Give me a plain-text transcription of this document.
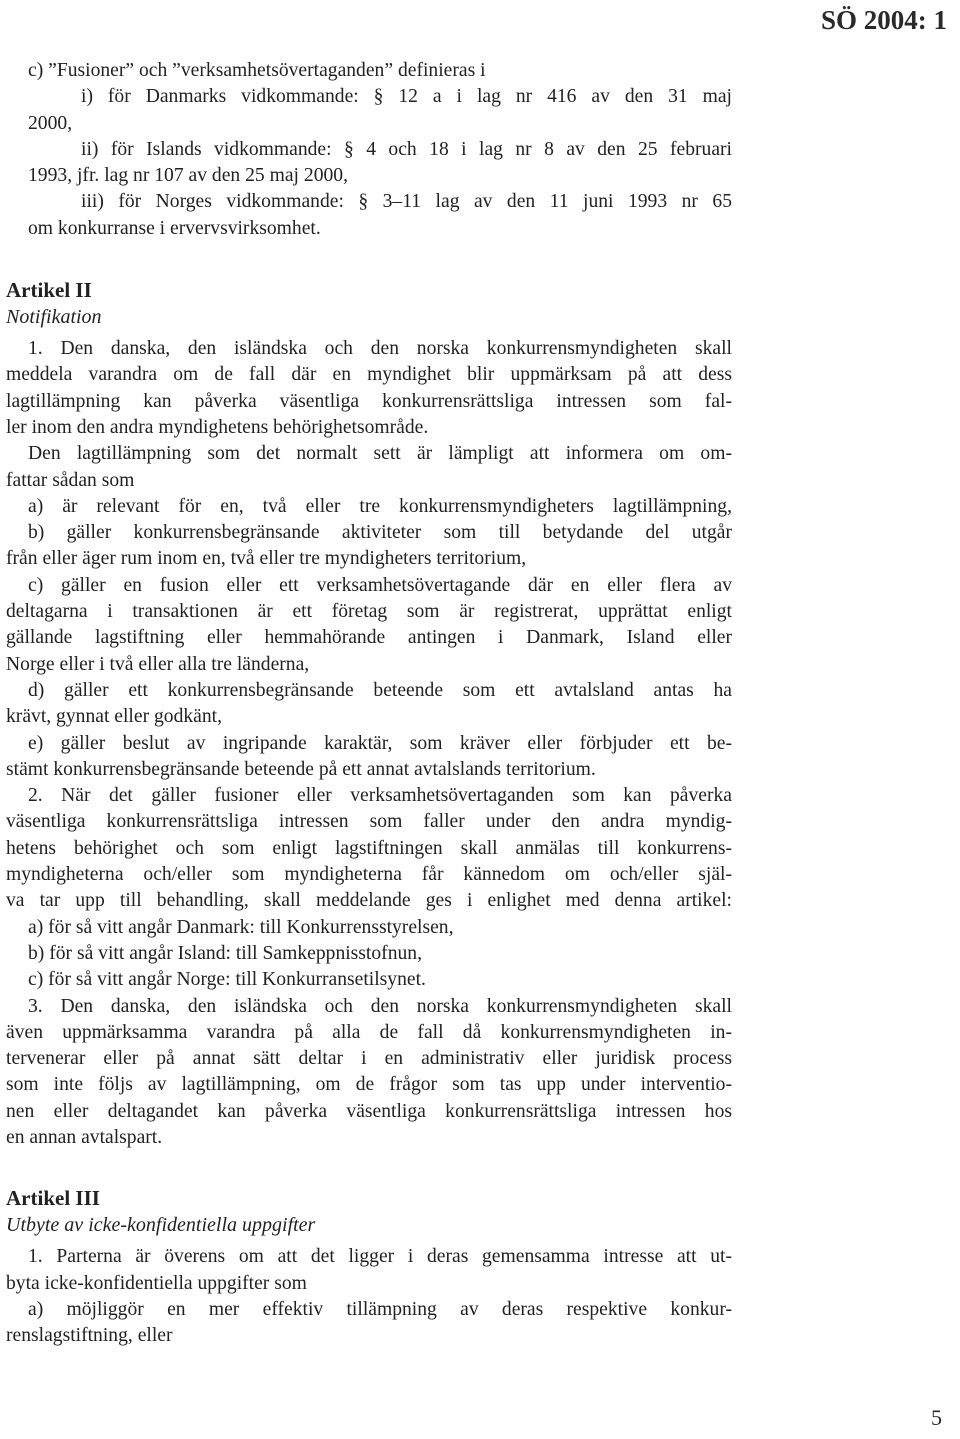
SÖ 2004: 1

c) ”Fusioner” och ”verksamhetsövertaganden” definieras i

i) för Danmarks vidkommande: § 12 a i lag nr 416 av den 31 maj

2000,

ii) för Islands vidkommande: § 4 och 18 i lag nr 8 av den 25 februari

1993, jfr. lag nr 107 av den 25 maj 2000,

iii) för Norges vidkommande: § 3–11 lag av den 11 juni 1993 nr 65

om konkurranse i ervervsvirksomhet.

Artikel II

Notifikation

1. Den danska, den isländska och den norska konkurrensmyndigheten skall

meddela varandra om de fall där en myndighet blir uppmärksam på att dess

lagtillämpning kan påverka väsentliga konkurrensrättsliga intressen som fal-

ler inom den andra myndighetens behörighetsområde.

Den lagtillämpning som det normalt sett är lämpligt att informera om om-

fattar sådan som

a) är relevant för en, två eller tre konkurrensmyndigheters lagtillämpning,

b) gäller konkurrensbegränsande aktiviteter som till betydande del utgår

från eller äger rum inom en, två eller tre myndigheters territorium,

c) gäller en fusion eller ett verksamhetsövertagande där en eller flera av

deltagarna i transaktionen är ett företag som är registrerat, upprättat enligt

gällande lagstiftning eller hemmahörande antingen i Danmark, Island eller

Norge eller i två eller alla tre länderna,

d) gäller ett konkurrensbegränsande beteende som ett avtalsland antas ha

krävt, gynnat eller godkänt,

e) gäller beslut av ingripande karaktär, som kräver eller förbjuder ett be-

stämt konkurrensbegränsande beteende på ett annat avtalslands territorium.

2. När det gäller fusioner eller verksamhetsövertaganden som kan påverka

väsentliga konkurrensrättsliga intressen som faller under den andra myndig-

hetens behörighet och som enligt lagstiftningen skall anmälas till konkurrens-

myndigheterna och/eller som myndigheterna får kännedom om och/eller själ-

va tar upp till behandling, skall meddelande ges i enlighet med denna artikel:

a) för så vitt angår Danmark: till Konkurrensstyrelsen,

b) för så vitt angår Island: till Samkeppnisstofnun,

c) för så vitt angår Norge: till Konkurransetilsynet.

3. Den danska, den isländska och den norska konkurrensmyndigheten skall

även uppmärksamma varandra på alla de fall då konkurrensmyndigheten in-

tervenerar eller på annat sätt deltar i en administrativ eller juridisk process

som inte följs av lagtillämpning, om de frågor som tas upp under interventio-

nen eller deltagandet kan påverka väsentliga konkurrensrättsliga intressen hos

en annan avtalspart.

Artikel III

Utbyte av icke-konfidentiella uppgifter

1. Parterna är överens om att det ligger i deras gemensamma intresse att ut-

byta icke-konfidentiella uppgifter som

a) möjliggör en mer effektiv tillämpning av deras respektive konkur-

renslagstiftning, eller

5
